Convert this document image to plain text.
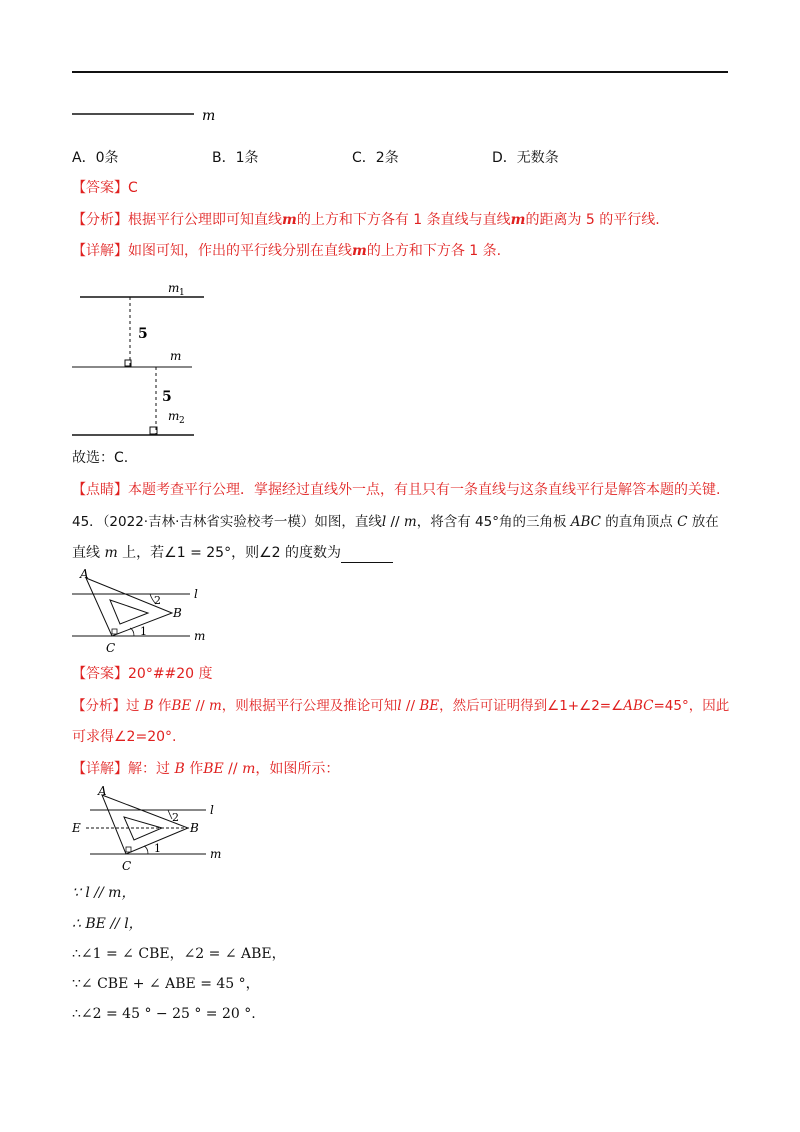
m
A．0条	B．1条	C．2条	D．无数条
【答案】C
【分析】根据平行公理即可知直线m的上方和下方各有 1 条直线与直线m的距离为 5 的平行线.
【详解】如图可知，作出的平行线分别在直线m的上方和下方各 1 条.
m 1
m
m 2
5
5
故选：C.
【点睛】本题考查平行公理．掌握经过直线外一点，有且只有一条直线与这条直线平行是解答本题的关键.
45．（2022·吉林·吉林省实验校考一模）如图，直线l // m，将含有 45°角的三角板 ABC 的直角顶点 C 放在
直线 m 上，若∠1 = 25°，则∠2 的度数为
A
B
C
l
m
2
1
【答案】20°##20 度
【分析】过 B 作BE // m，则根据平行公理及推论可知l // BE，然后可证明得到∠1+∠2=∠ABC=45°，因此
可求得∠2=20°.
【详解】解：过 B 作BE // m，如图所示：
A
B
C
E
l
m
2
1
∵ l // m，
∴ BE // l，
∴∠1 = ∠ CBE，∠2 = ∠ ABE，
∵∠ CBE + ∠ ABE = 45 °，
∴∠2 = 45 ° − 25 ° = 20 °.
